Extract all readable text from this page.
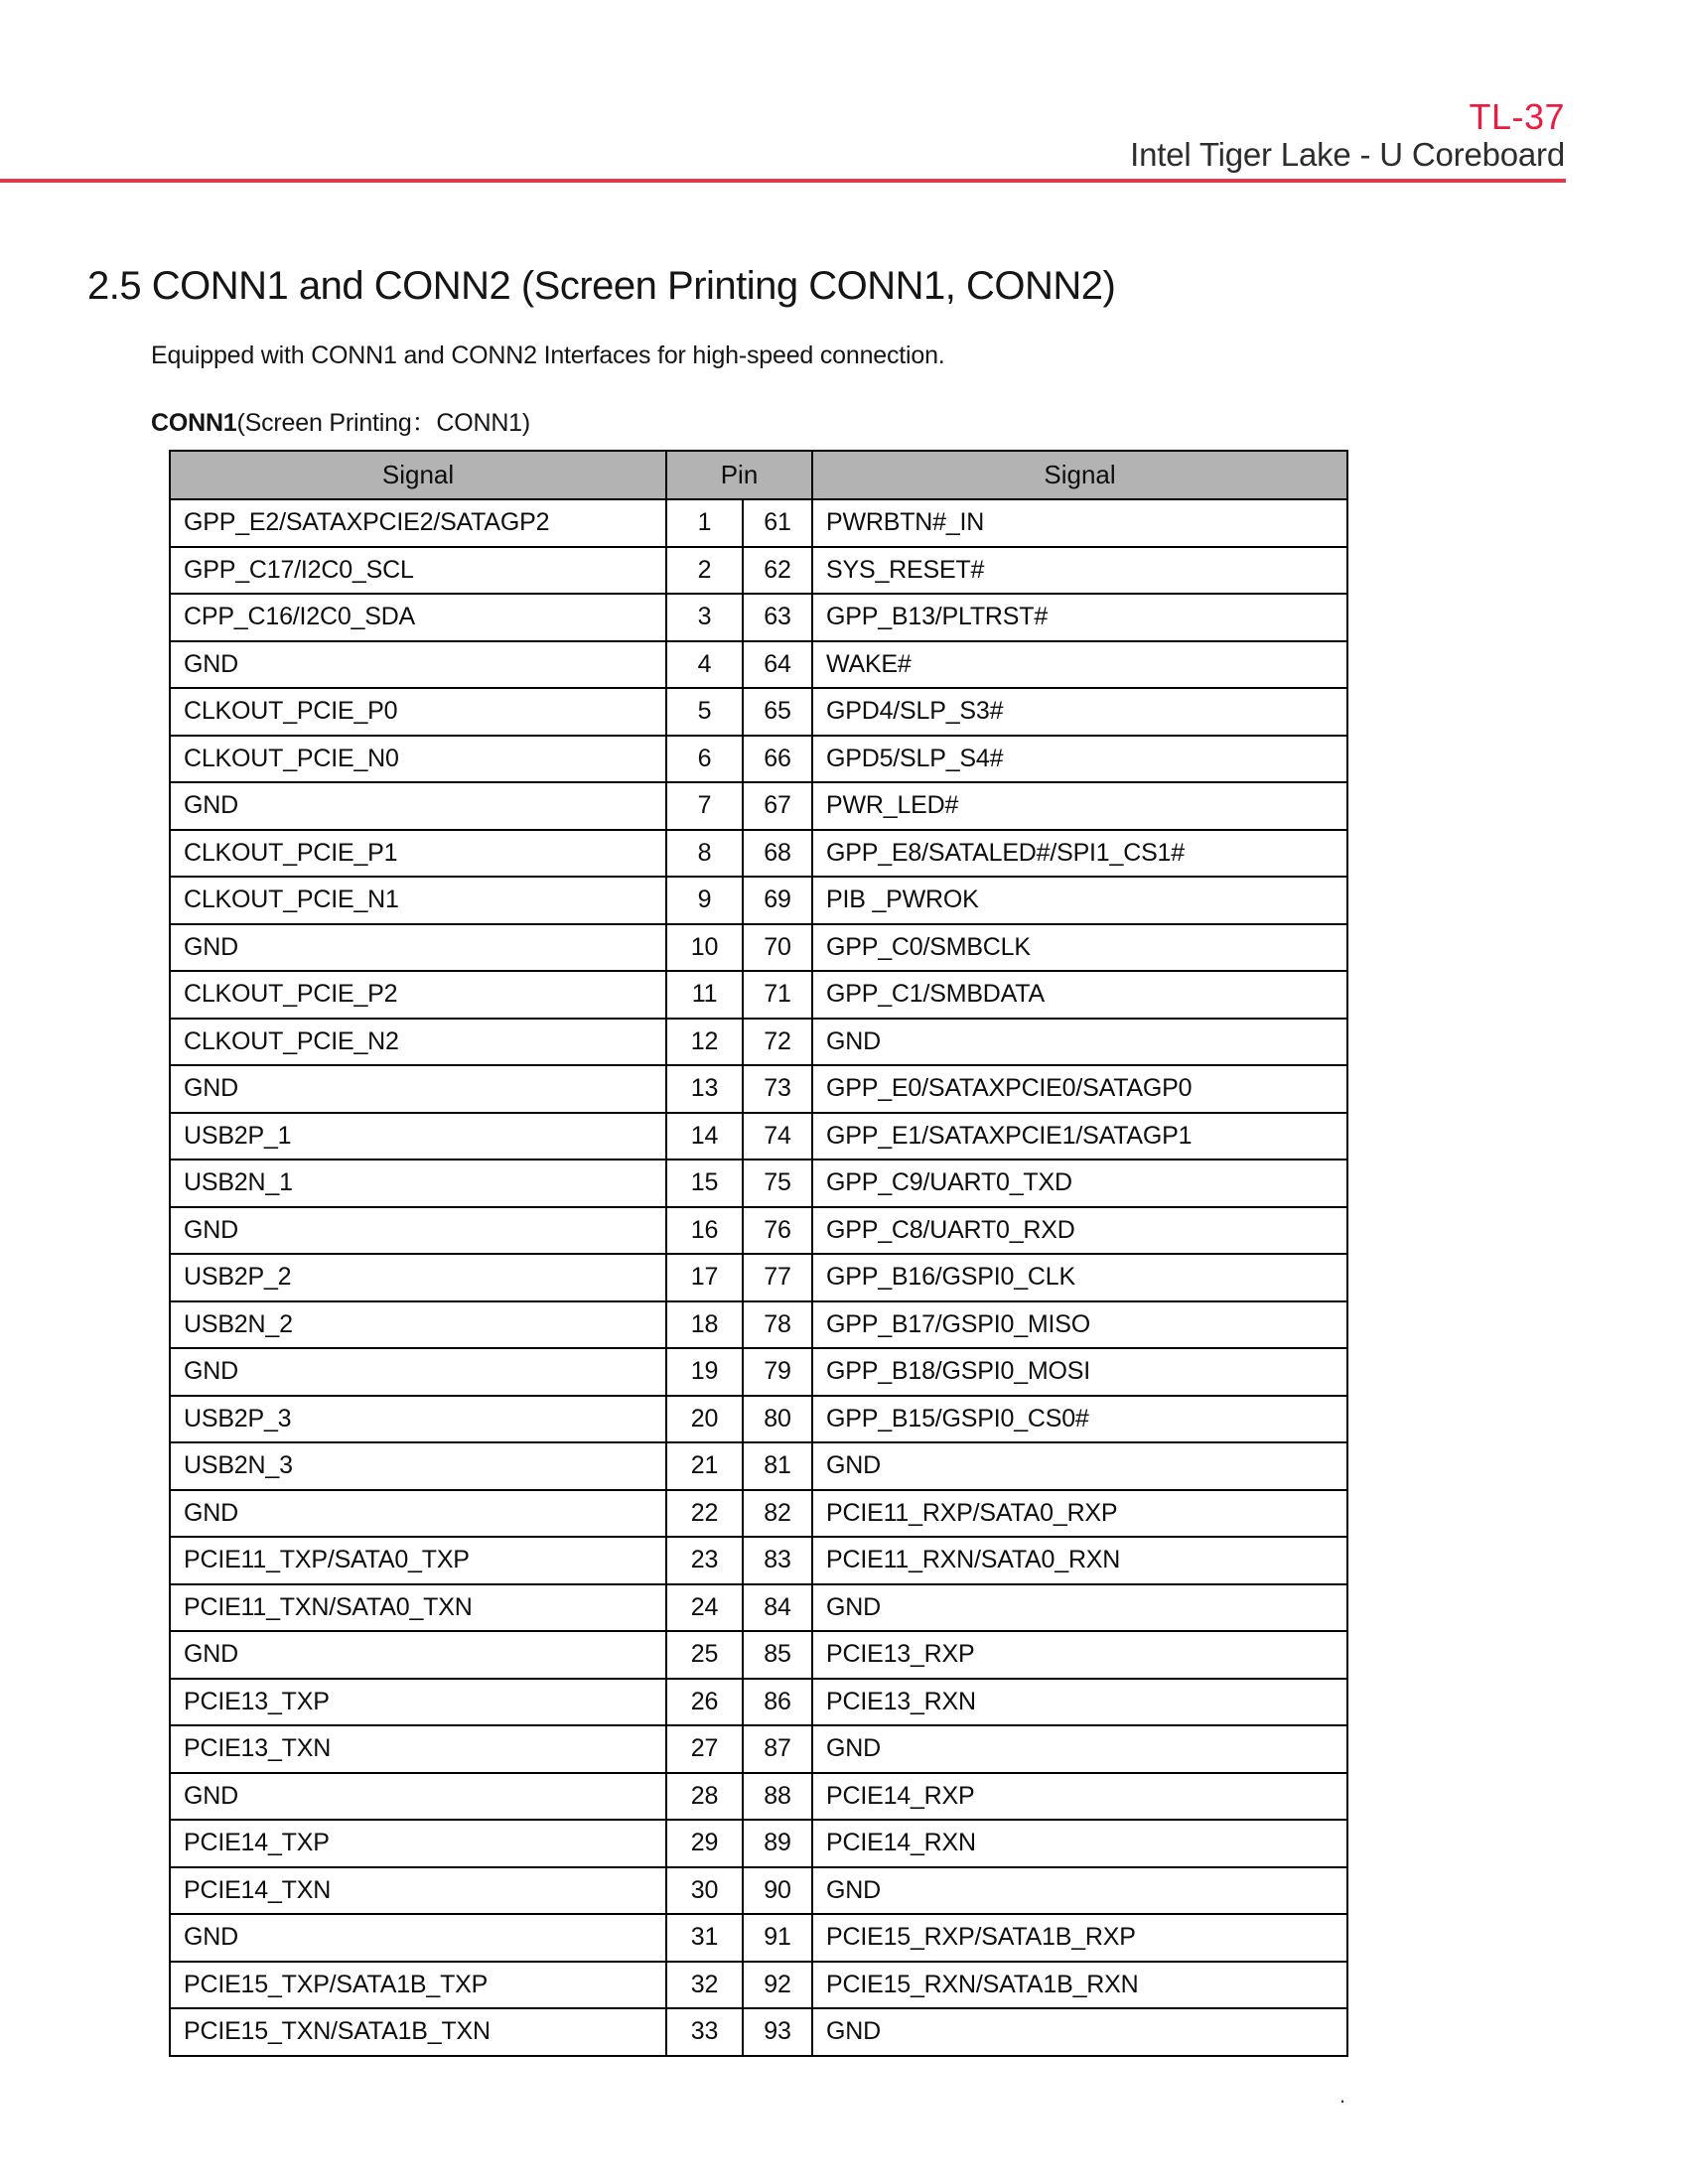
TL-37
Intel Tiger Lake - U Coreboard
2.5 CONN1 and CONN2 (Screen Printing CONN1, CONN2)
Equipped with CONN1 and CONN2 Interfaces for high-speed connection.
CONN1(Screen Printing：CONN1)
Signal	Pin		Signal
GPP_E2/SATAXPCIE2/SATAGP2	1	61	PWRBTN#_IN
GPP_C17/I2C0_SCL	2	62	SYS_RESET#
CPP_C16/I2C0_SDA	3	63	GPP_B13/PLTRST#
GND	4	64	WAKE#
CLKOUT_PCIE_P0	5	65	GPD4/SLP_S3#
CLKOUT_PCIE_N0	6	66	GPD5/SLP_S4#
GND	7	67	PWR_LED#
CLKOUT_PCIE_P1	8	68	GPP_E8/SATALED#/SPI1_CS1#
CLKOUT_PCIE_N1	9	69	PIB _PWROK
GND	10	70	GPP_C0/SMBCLK
CLKOUT_PCIE_P2	11	71	GPP_C1/SMBDATA
CLKOUT_PCIE_N2	12	72	GND
GND	13	73	GPP_E0/SATAXPCIE0/SATAGP0
USB2P_1	14	74	GPP_E1/SATAXPCIE1/SATAGP1
USB2N_1	15	75	GPP_C9/UART0_TXD
GND	16	76	GPP_C8/UART0_RXD
USB2P_2	17	77	GPP_B16/GSPI0_CLK
USB2N_2	18	78	GPP_B17/GSPI0_MISO
GND	19	79	GPP_B18/GSPI0_MOSI
USB2P_3	20	80	GPP_B15/GSPI0_CS0#
USB2N_3	21	81	GND
GND	22	82	PCIE11_RXP/SATA0_RXP
PCIE11_TXP/SATA0_TXP	23	83	PCIE11_RXN/SATA0_RXN
PCIE11_TXN/SATA0_TXN	24	84	GND
GND	25	85	PCIE13_RXP
PCIE13_TXP	26	86	PCIE13_RXN
PCIE13_TXN	27	87	GND
GND	28	88	PCIE14_RXP
PCIE14_TXP	29	89	PCIE14_RXN
PCIE14_TXN	30	90	GND
GND	31	91	PCIE15_RXP/SATA1B_RXP
PCIE15_TXP/SATA1B_TXP	32	92	PCIE15_RXN/SATA1B_RXN
PCIE15_TXN/SATA1B_TXN	33	93	GND
.
